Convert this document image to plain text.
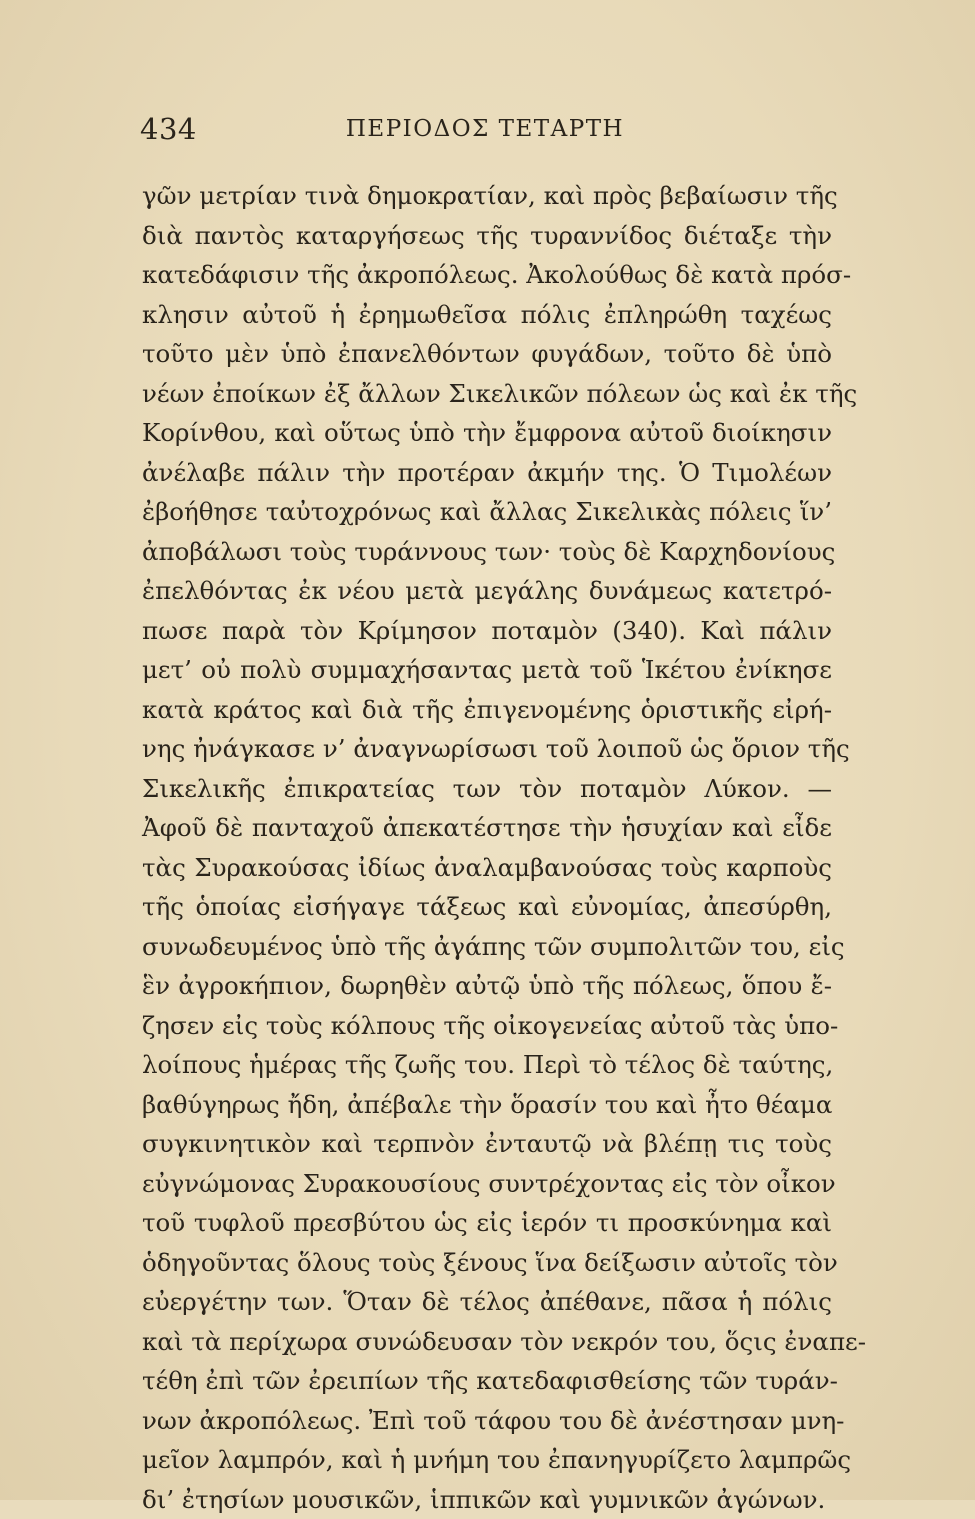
434	ΠΕΡΙΟΔΟΣ ΤΕΤΑΡΤΗ
γῶν μετρίαν τινὰ δημοκρατίαν, καὶ πρὸς βεβαίωσιν τῆς
διὰ παντὸς καταργήσεως τῆς τυραννίδος διέταξε τὴν
κατεδάφισιν τῆς ἀκροπόλεως. Ἀκολούθως δὲ κατὰ πρόσ-
κλησιν αὐτοῦ ἡ ἐρημωθεῖσα πόλις ἐπληρώθη ταχέως
τοῦτο μὲν ὑπὸ ἐπανελθόντων φυγάδων, τοῦτο δὲ ὑπὸ
νέων ἐποίκων ἐξ ἄλλων Σικελικῶν πόλεων ὡς καὶ ἐκ τῆς
Κορίνθου, καὶ οὕτως ὑπὸ τὴν ἔμφρονα αὐτοῦ διοίκησιν
ἀνέλαβε πάλιν τὴν προτέραν ἀκμήν της. Ὁ Τιμολέων
ἐβοήθησε ταὐτοχρόνως καὶ ἄλλας Σικελικὰς πόλεις ἵν’
ἀποβάλωσι τοὺς τυράννους των· τοὺς δὲ Καρχηδονίους
ἐπελθόντας ἐκ νέου μετὰ μεγάλης δυνάμεως κατετρό-
πωσε παρὰ τὸν Κρίμησον ποταμὸν (340). Καὶ πάλιν
μετ’ οὐ πολὺ συμμαχήσαντας μετὰ τοῦ Ἱκέτου ἐνίκησε
κατὰ κράτος καὶ διὰ τῆς ἐπιγενομένης ὁριστικῆς εἰρή-
νης ἠνάγκασε ν’ ἀναγνωρίσωσι τοῦ λοιποῦ ὡς ὅριον τῆς
Σικελικῆς ἐπικρατείας των τὸν ποταμὸν Λύκον. —
Ἀφοῦ δὲ πανταχοῦ ἀπεκατέστησε τὴν ἡσυχίαν καὶ εἶδε
τὰς Συρακούσας ἰδίως ἀναλαμβανούσας τοὺς καρποὺς
τῆς ὁποίας εἰσήγαγε τάξεως καὶ εὐνομίας, ἀπεσύρθη,
συνωδευμένος ὑπὸ τῆς ἀγάπης τῶν συμπολιτῶν του, εἰς
ἓν ἀγροκήπιον, δωρηθὲν αὐτῷ ὑπὸ τῆς πόλεως, ὅπου ἔ-
ζησεν εἰς τοὺς κόλπους τῆς οἰκογενείας αὐτοῦ τὰς ὑπο-
λοίπους ἡμέρας τῆς ζωῆς του. Περὶ τὸ τέλος δὲ ταύτης,
βαθύγηρως ἤδη, ἀπέβαλε τὴν ὅρασίν του καὶ ἦτο θέαμα
συγκινητικὸν καὶ τερπνὸν ἐνταυτῷ νὰ βλέπῃ τις τοὺς
εὐγνώμονας Συρακουσίους συντρέχοντας εἰς τὸν οἶκον
τοῦ τυφλοῦ πρεσβύτου ὡς εἰς ἱερόν τι προσκύνημα καὶ
ὁδηγοῦντας ὅλους τοὺς ξένους ἵνα δείξωσιν αὐτοῖς τὸν
εὐεργέτην των. Ὅταν δὲ τέλος ἀπέθανε, πᾶσα ἡ πόλις
καὶ τὰ περίχωρα συνώδευσαν τὸν νεκρόν του, ὅςις ἐναπε-
τέθη ἐπὶ τῶν ἐρειπίων τῆς κατεδαφισθείσης τῶν τυράν-
νων ἀκροπόλεως. Ἐπὶ τοῦ τάφου του δὲ ἀνέστησαν μνη-
μεῖον λαμπρόν, καὶ ἡ μνήμη του ἐπανηγυρίζετο λαμπρῶς
δι’ ἐτησίων μουσικῶν, ἱππικῶν καὶ γυμνικῶν ἀγώνων.
